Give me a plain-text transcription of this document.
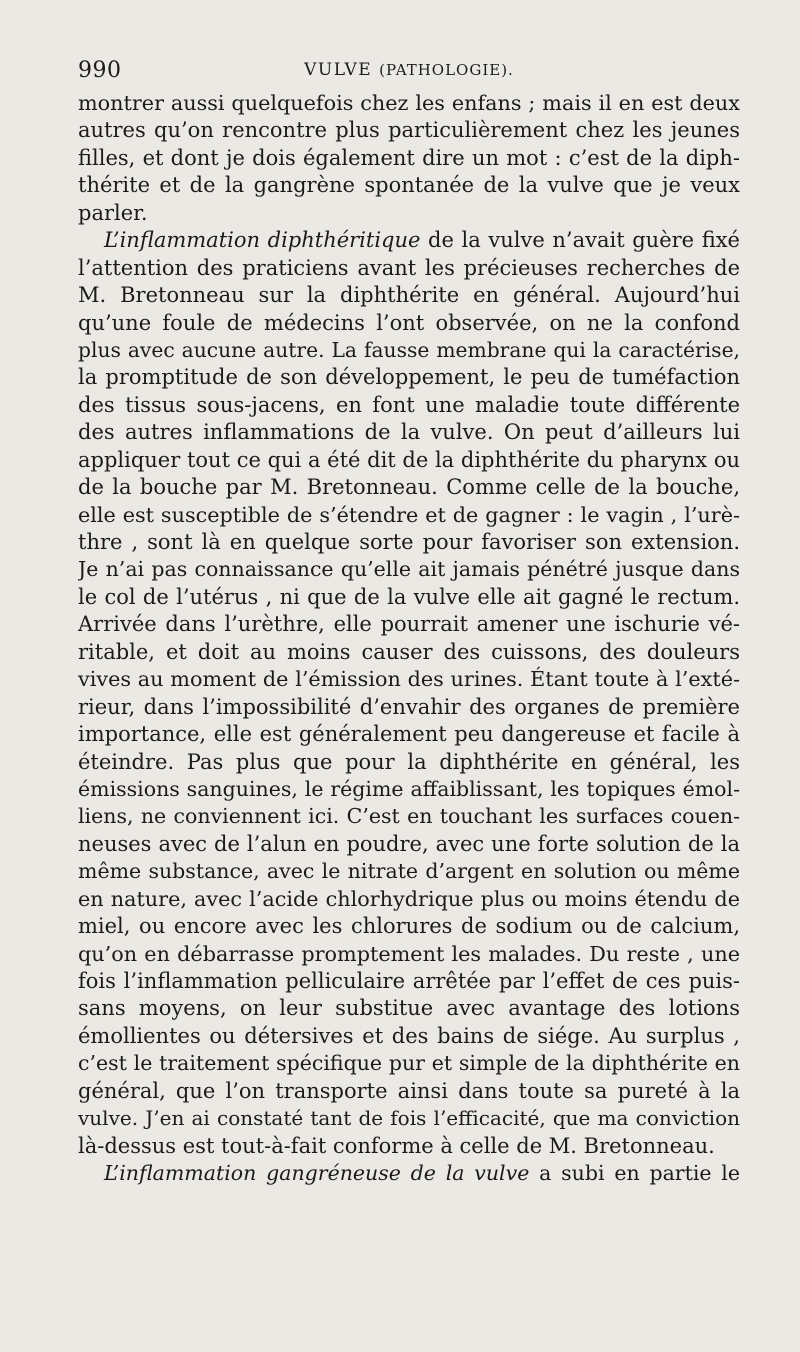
990	VULVE (PATHOLOGIE).
montrer aussi quelquefois chez les enfans ; mais il en est deux
autres qu’on rencontre plus particulièrement chez les jeunes
filles, et dont je dois également dire un mot : c’est de la diph-
thérite et de la gangrène spontanée de la vulve que je veux
parler.
L’inflammation diphthéritique de la vulve n’avait guère fixé
l’attention des praticiens avant les précieuses recherches de
M. Bretonneau sur la diphthérite en général. Aujourd’hui
qu’une foule de médecins l’ont observée, on ne la confond
plus avec aucune autre. La fausse membrane qui la caractérise,
la promptitude de son développement, le peu de tuméfaction
des tissus sous-jacens, en font une maladie toute différente
des autres inflammations de la vulve. On peut d’ailleurs lui
appliquer tout ce qui a été dit de la diphthérite du pharynx ou
de la bouche par M. Bretonneau. Comme celle de la bouche,
elle est susceptible de s’étendre et de gagner : le vagin , l’urè-
thre , sont là en quelque sorte pour favoriser son extension.
Je n’ai pas connaissance qu’elle ait jamais pénétré jusque dans
le col de l’utérus , ni que de la vulve elle ait gagné le rectum.
Arrivée dans l’urèthre, elle pourrait amener une ischurie vé-
ritable, et doit au moins causer des cuissons, des douleurs
vives au moment de l’émission des urines. Étant toute à l’exté-
rieur, dans l’impossibilité d’envahir des organes de première
importance, elle est généralement peu dangereuse et facile à
éteindre. Pas plus que pour la diphthérite en général, les
émissions sanguines, le régime affaiblissant, les topiques émol-
liens, ne conviennent ici. C’est en touchant les surfaces couen-
neuses avec de l’alun en poudre, avec une forte solution de la
même substance, avec le nitrate d’argent en solution ou même
en nature, avec l’acide chlorhydrique plus ou moins étendu de
miel, ou encore avec les chlorures de sodium ou de calcium,
qu’on en débarrasse promptement les malades. Du reste , une
fois l’inflammation pelliculaire arrêtée par l’effet de ces puis-
sans moyens, on leur substitue avec avantage des lotions
émollientes ou détersives et des bains de siége. Au surplus ,
c’est le traitement spécifique pur et simple de la diphthérite en
général, que l’on transporte ainsi dans toute sa pureté à la
vulve. J’en ai constaté tant de fois l’efficacité, que ma conviction
là-dessus est tout-à-fait conforme à celle de M. Bretonneau.
L’inflammation gangréneuse de la vulve a subi en partie le
